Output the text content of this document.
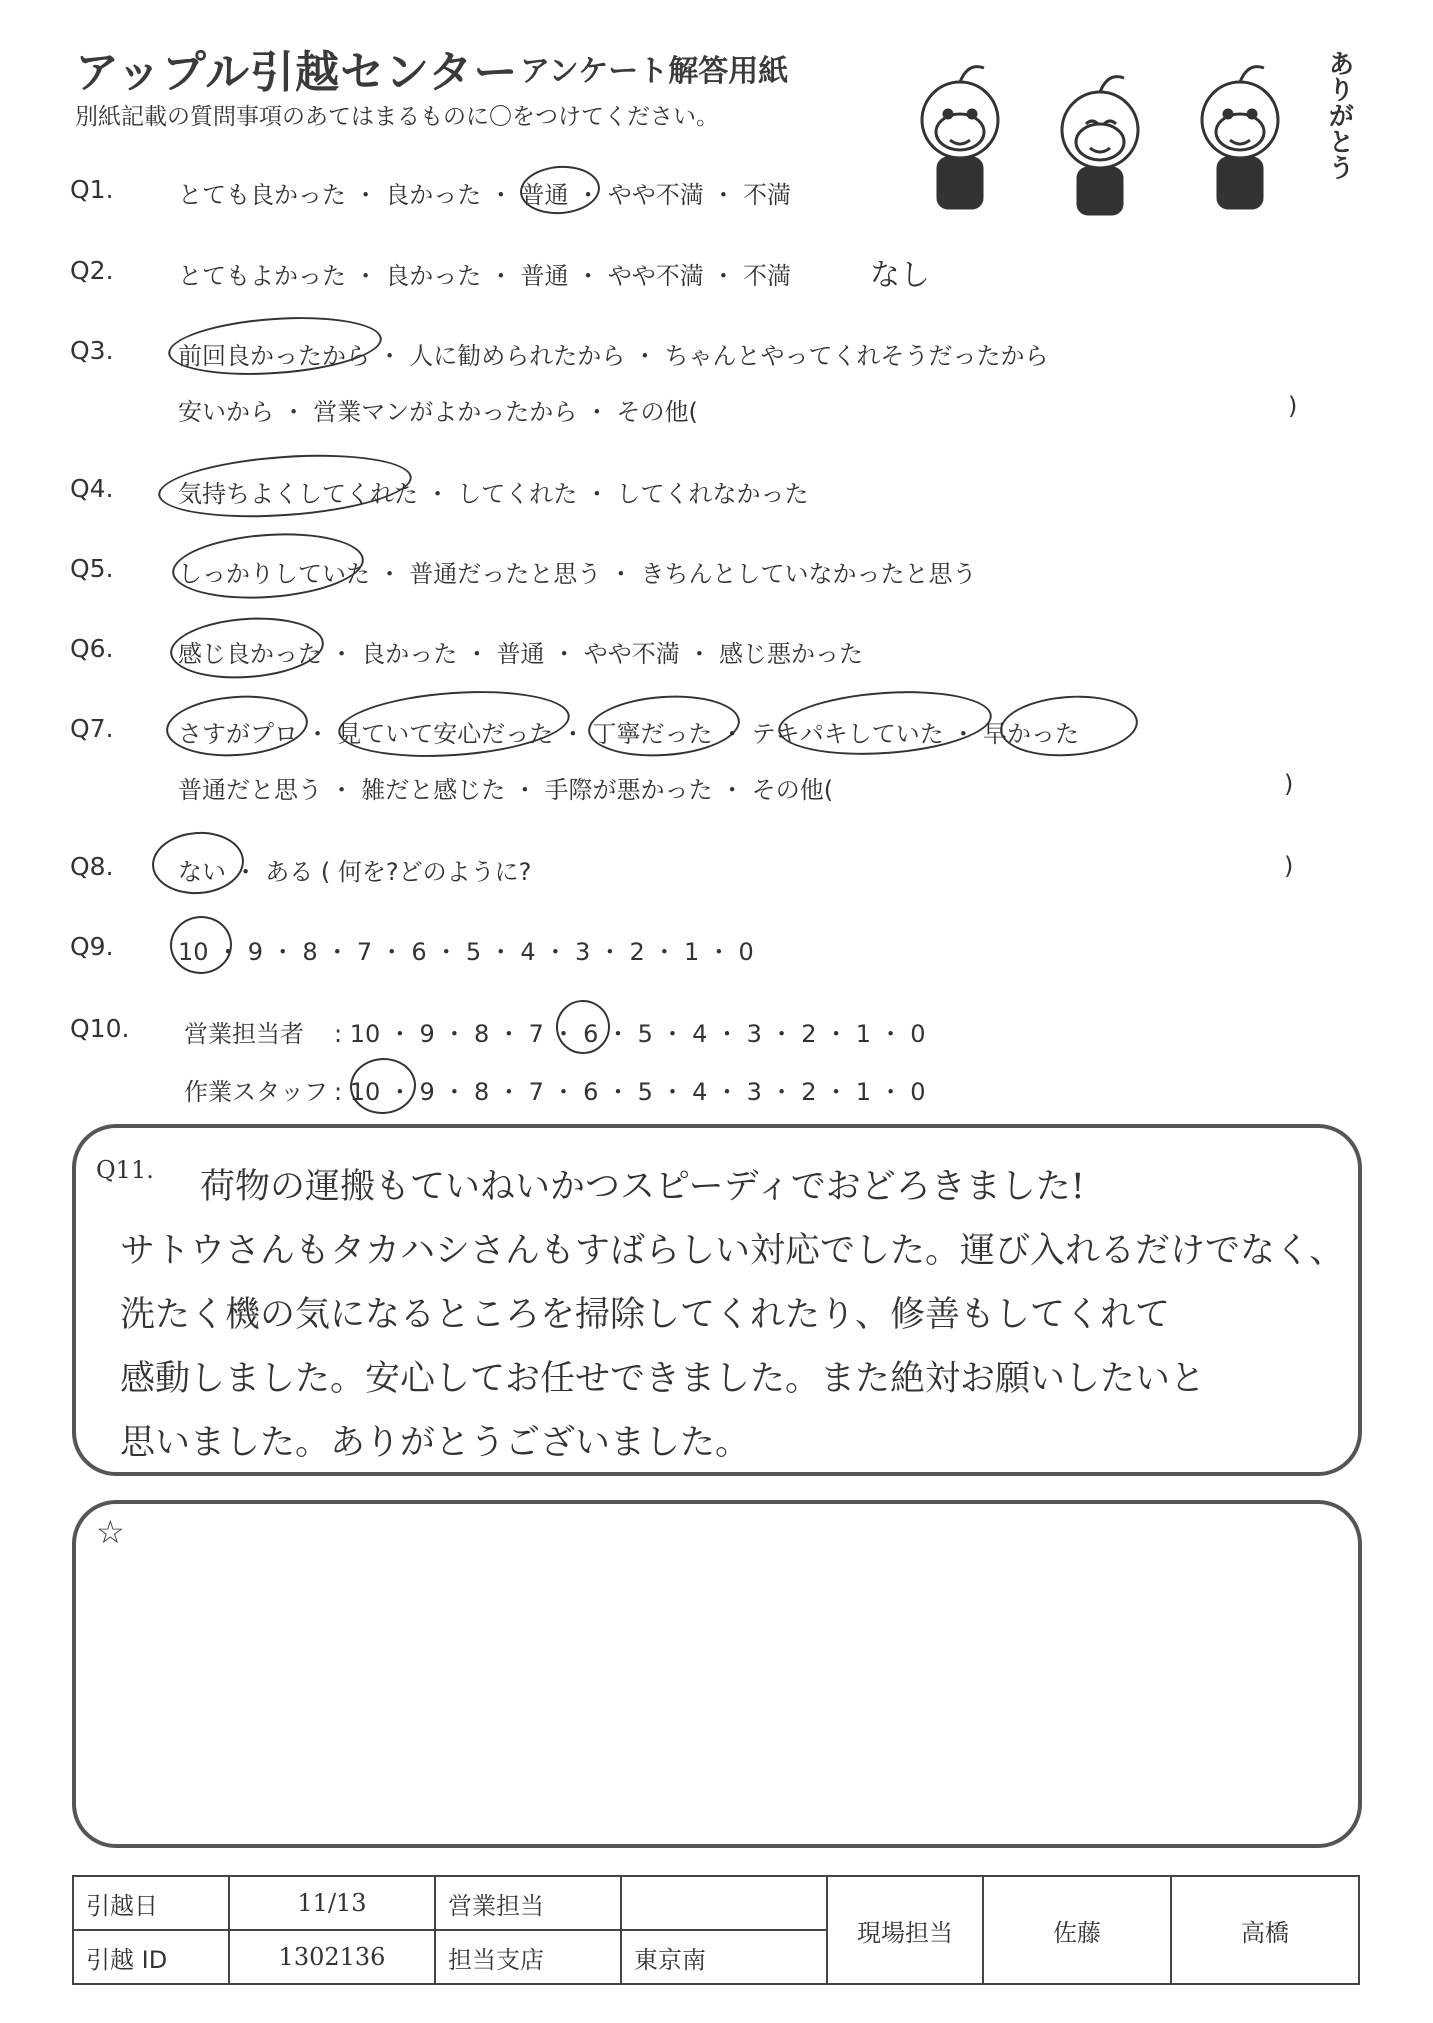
アップル引越センター アンケート解答用紙
別紙記載の質問事項のあてはまるものに〇をつけてください。	ありがとう
Q1.	とても良かった ・ 良かった ・ 普通 ・ やや不満 ・ 不満
Q2.	とてもよかった ・ 良かった ・ 普通 ・ やや不満 ・ 不満	なし
Q3.	前回良かったから ・ 人に勧められたから ・ ちゃんとやってくれそうだったから
安いから ・ 営業マンがよかったから ・ その他(	)
Q4.	気持ちよくしてくれた ・ してくれた ・ してくれなかった
Q5.	しっかりしていた ・ 普通だったと思う ・ きちんとしていなかったと思う
Q6.	感じ良かった ・ 良かった ・ 普通 ・ やや不満 ・ 感じ悪かった
Q7.	さすがプロ ・ 見ていて安心だった ・ 丁寧だった ・ テキパキしていた ・ 早かった
普通だと思う ・ 雑だと感じた ・ 手際が悪かった ・ その他(	)
Q8.	ない ・ ある ( 何を?どのように?	)
Q9.	10 ・ 9 ・ 8 ・ 7 ・ 6 ・ 5 ・ 4 ・ 3 ・ 2 ・ 1 ・ 0
Q10. 営業担当者 : 10 ・ 9 ・ 8 ・ 7 ・ 6 ・ 5 ・ 4 ・ 3 ・ 2 ・ 1 ・ 0
作業スタッフ : 10 ・ 9 ・ 8 ・ 7 ・ 6 ・ 5 ・ 4 ・ 3 ・ 2 ・ 1 ・ 0
Q11. 荷物の運搬もていねいかつスピーディでおどろきました!
サトウさんもタカハシさんもすばらしい対応でした。運び入れるだけでなく、
洗たく機の気になるところを掃除してくれたり、修善もしてくれて
感動しました。安心してお任せできました。また絶対お願いしたいと
思いました。ありがとうございました。
☆
引越日	11/13	営業担当		現場担当	佐藤	高橋
引越 ID	1302136	担当支店	東京南			
